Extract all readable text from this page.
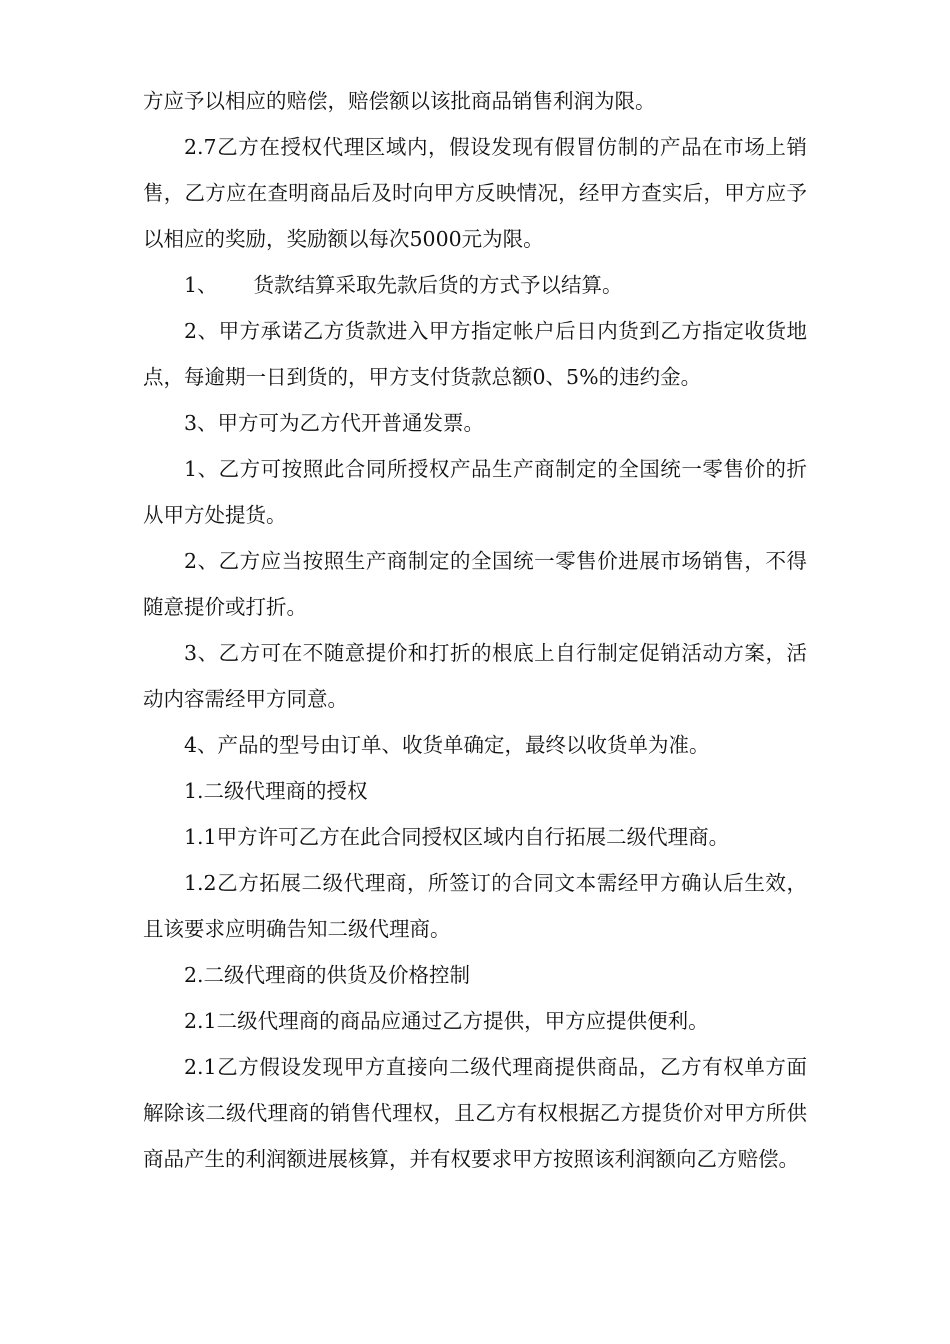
方应予以相应的赔偿，赔偿额以该批商品销售利润为限。

2.7乙方在授权代理区域内，假设发现有假冒仿制的产品在市场上销售，乙方应在查明商品后及时向甲方反映情况，经甲方查实后，甲方应予以相应的奖励，奖励额以每次5000元为限。

1、 货款结算采取先款后货的方式予以结算。

2、甲方承诺乙方货款进入甲方指定帐户后日内货到乙方指定收货地点，每逾期一日到货的，甲方支付货款总额0、5%的违约金。

3、甲方可为乙方代开普通发票。

1、乙方可按照此合同所授权产品生产商制定的全国统一零售价的折从甲方处提货。

2、乙方应当按照生产商制定的全国统一零售价进展市场销售，不得随意提价或打折。

3、乙方可在不随意提价和打折的根底上自行制定促销活动方案，活动内容需经甲方同意。

4、产品的型号由订单、收货单确定，最终以收货单为准。

1.二级代理商的授权

1.1甲方许可乙方在此合同授权区域内自行拓展二级代理商。

1.2乙方拓展二级代理商，所签订的合同文本需经甲方确认后生效，且该要求应明确告知二级代理商。

2.二级代理商的供货及价格控制

2.1二级代理商的商品应通过乙方提供，甲方应提供便利。

2.1乙方假设发现甲方直接向二级代理商提供商品，乙方有权单方面解除该二级代理商的销售代理权，且乙方有权根据乙方提货价对甲方所供商品产生的利润额进展核算，并有权要求甲方按照该利润额向乙方赔偿。
